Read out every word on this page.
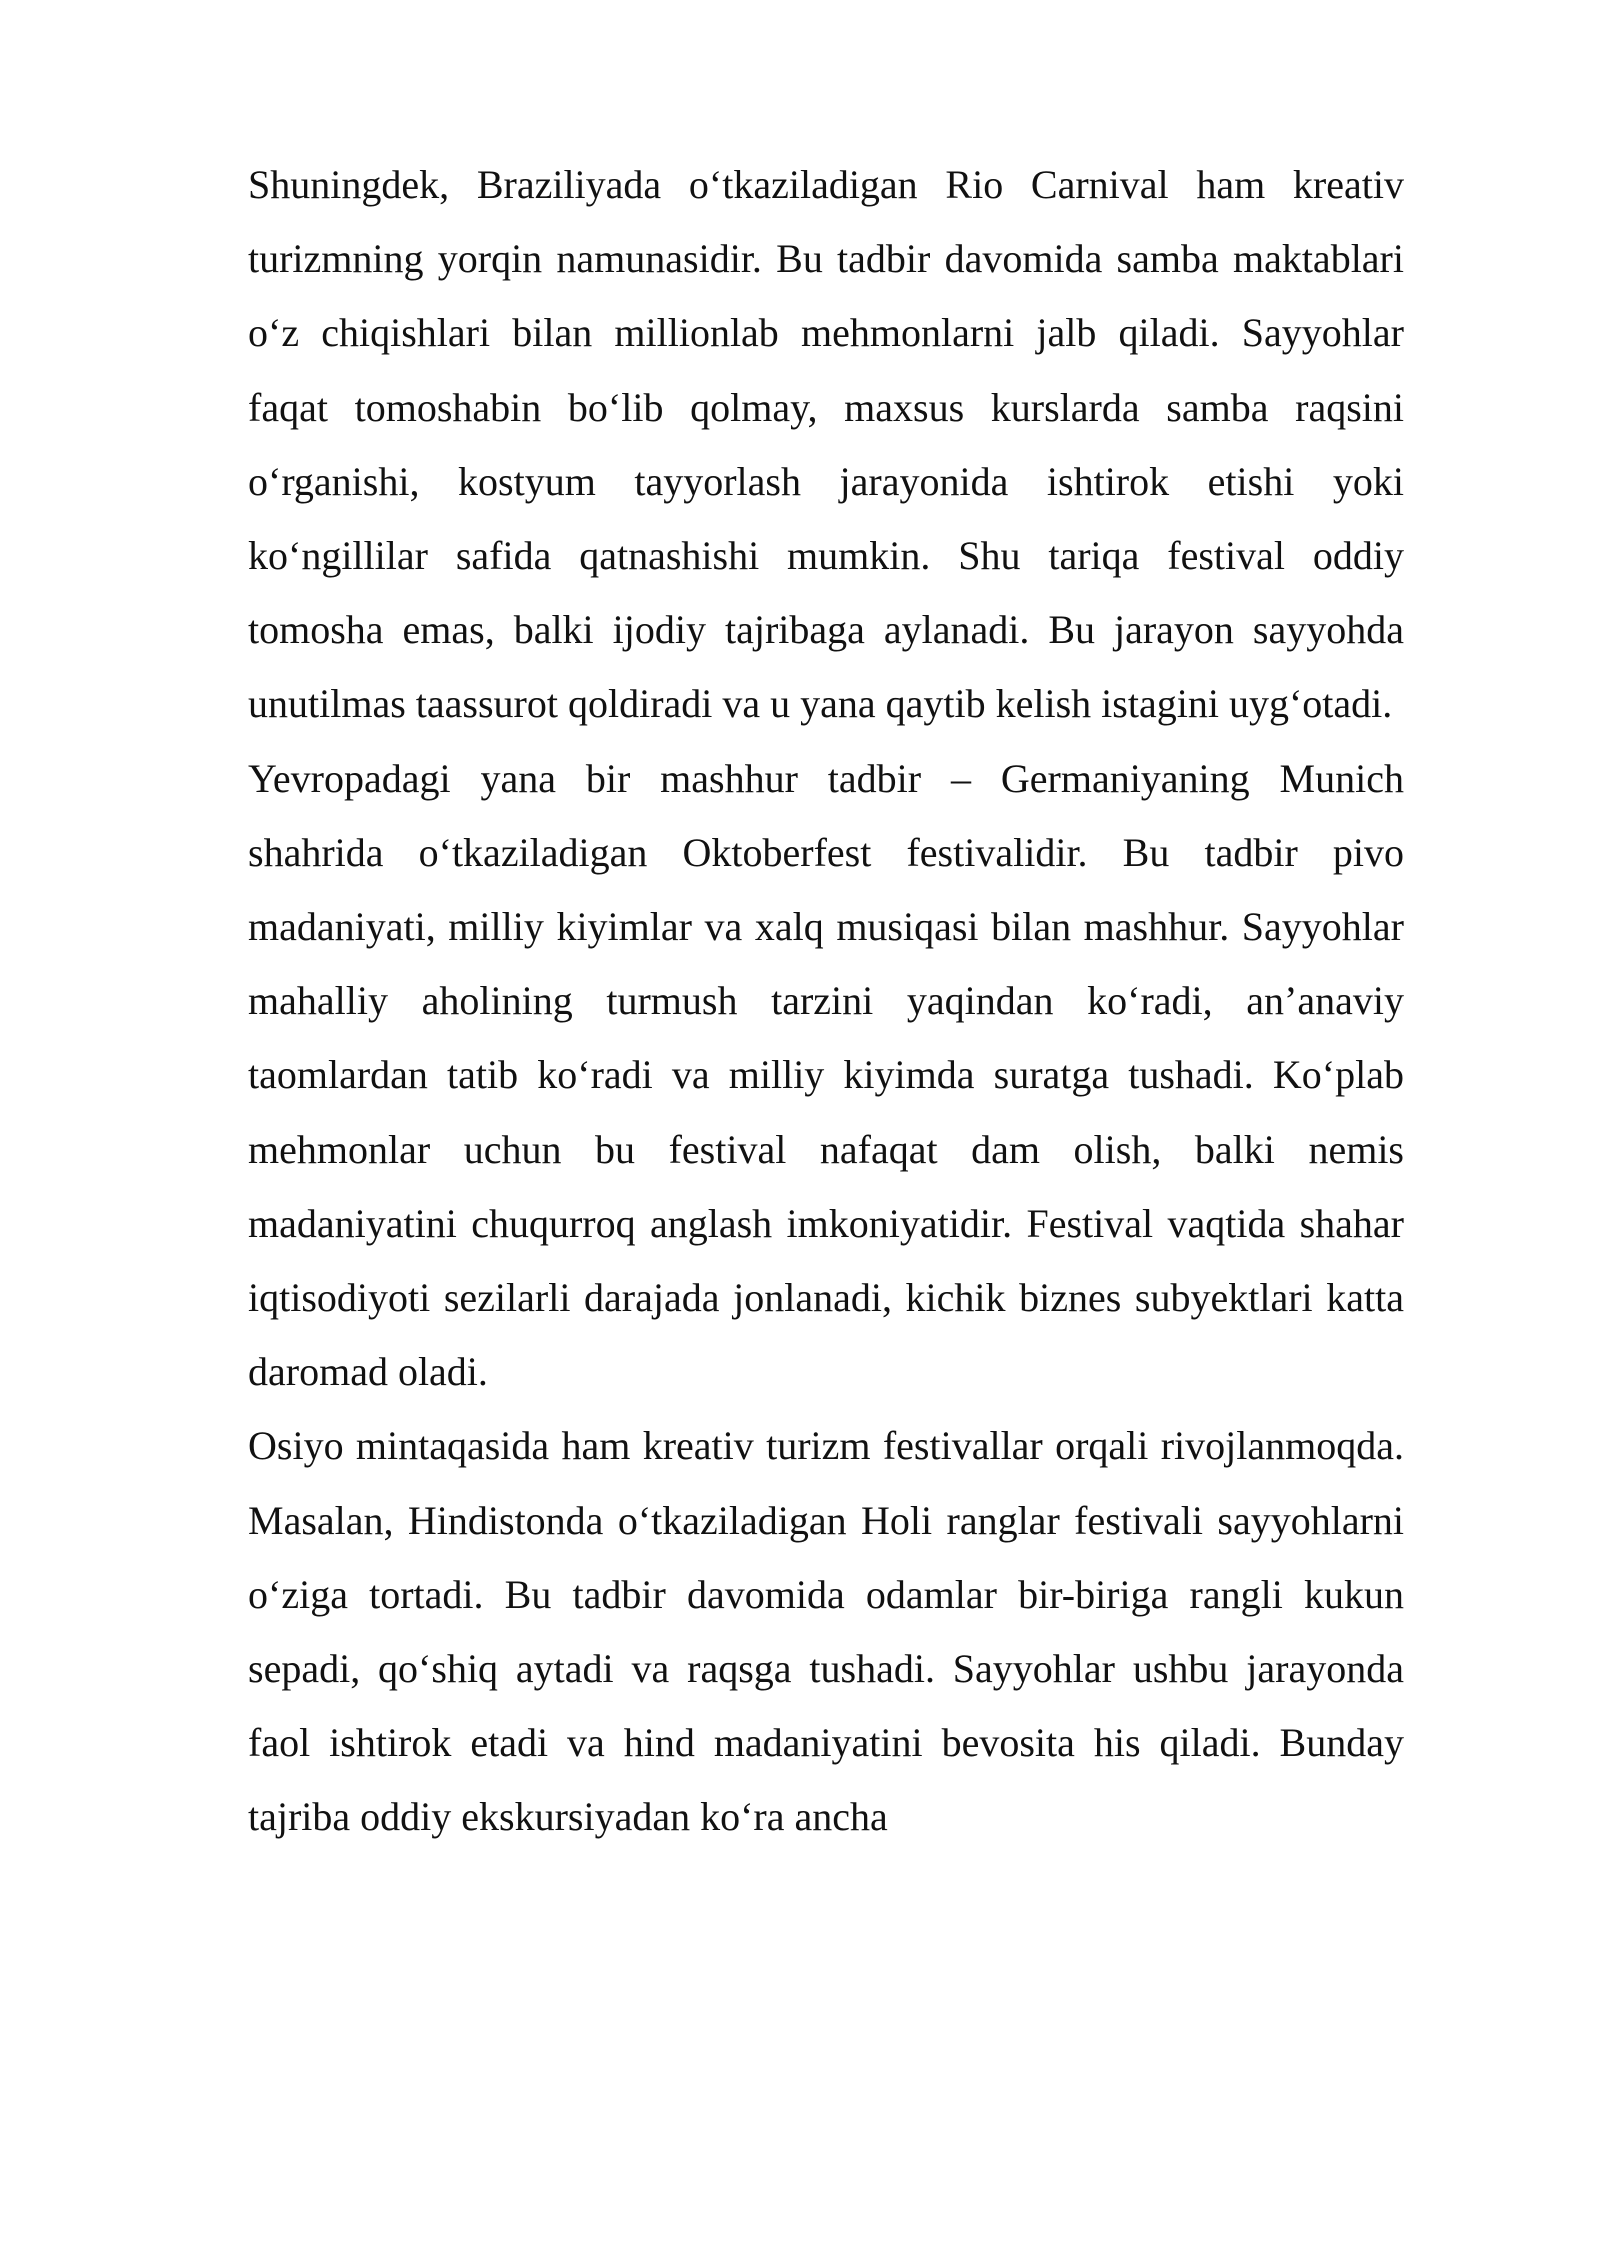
Shuningdek, Braziliyada o‘tkaziladigan Rio Carnival ham kreativ turizmning yorqin namunasidir. Bu tadbir davomida samba maktablari o‘z chiqishlari bilan millionlab mehmonlarni jalb qiladi. Sayyohlar faqat tomoshabin bo‘lib qolmay, maxsus kurslarda samba raqsini o‘rganishi, kostyum tayyorlash jarayonida ishtirok etishi yoki ko‘ngillilar safida qatnashishi mumkin. Shu tariqa festival oddiy tomosha emas, balki ijodiy tajribaga aylanadi. Bu jarayon sayyohda unutilmas taassurot qoldiradi va u yana qaytib kelish istagini uyg‘otadi.

Yevropadagi yana bir mashhur tadbir – Germaniyaning Munich shahrida o‘tkaziladigan Oktoberfest festivalidir. Bu tadbir pivo madaniyati, milliy kiyimlar va xalq musiqasi bilan mashhur. Sayyohlar mahalliy aholining turmush tarzini yaqindan ko‘radi, an’anaviy taomlardan tatib ko‘radi va milliy kiyimda suratga tushadi. Ko‘plab mehmonlar uchun bu festival nafaqat dam olish, balki nemis madaniyatini chuqurroq anglash imkoniyatidir. Festival vaqtida shahar iqtisodiyoti sezilarli darajada jonlanadi, kichik biznes subyektlari katta daromad oladi.

Osiyo mintaqasida ham kreativ turizm festivallar orqali rivojlanmoqda. Masalan, Hindistonda o‘tkaziladigan Holi ranglar festivali sayyohlarni o‘ziga tortadi. Bu tadbir davomida odamlar bir-biriga rangli kukun sepadi, qo‘shiq aytadi va raqsga tushadi. Sayyohlar ushbu jarayonda faol ishtirok etadi va hind madaniyatini bevosita his qiladi. Bunday tajriba oddiy ekskursiyadan ko‘ra ancha
